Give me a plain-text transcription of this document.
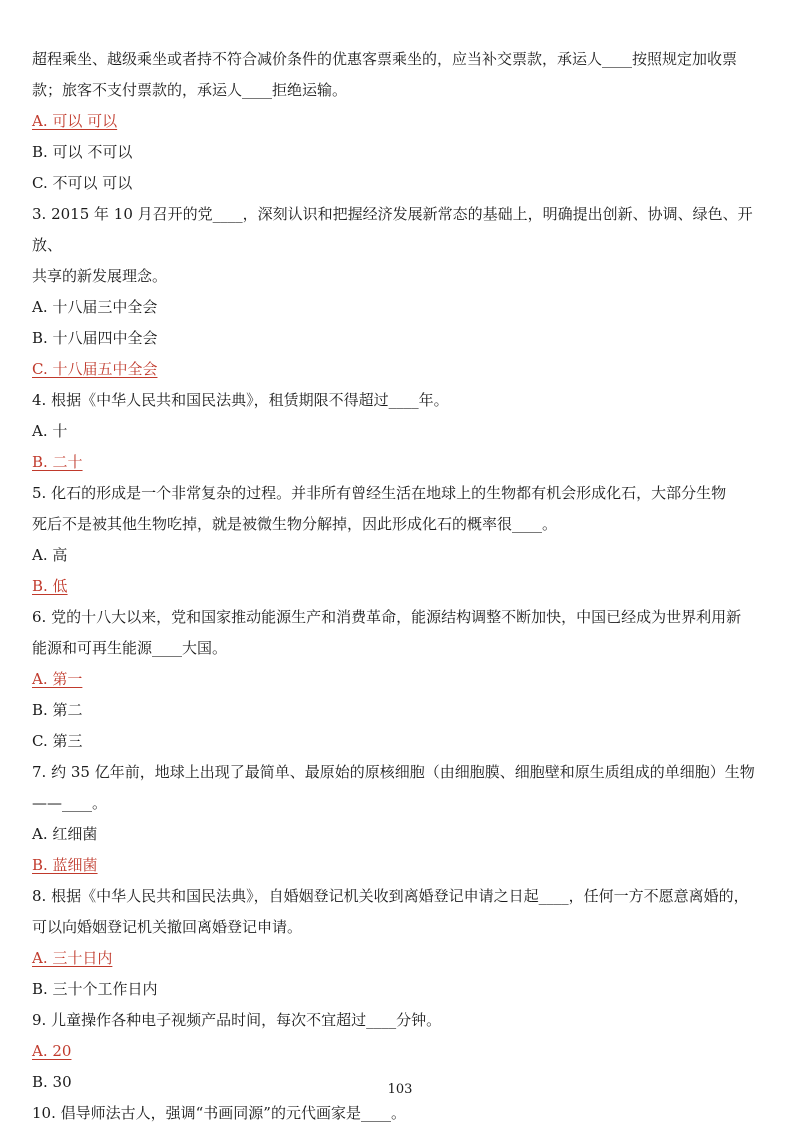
超程乘坐、越级乘坐或者持不符合减价条件的优惠客票乘坐的，应当补交票款，承运人____按照规定加收票
款；旅客不支付票款的，承运人____拒绝运输。
A. 可以 可以
B. 可以 不可以
C. 不可以 可以
3. 2015 年 10 月召开的党____，深刻认识和把握经济发展新常态的基础上，明确提出创新、协调、绿色、开放、
共享的新发展理念。
A. 十八届三中全会
B. 十八届四中全会
C. 十八届五中全会
4. 根据《中华人民共和国民法典》，租赁期限不得超过____年。
A. 十
B. 二十
5. 化石的形成是一个非常复杂的过程。并非所有曾经生活在地球上的生物都有机会形成化石，大部分生物
死后不是被其他生物吃掉，就是被微生物分解掉，因此形成化石的概率很____。
A. 高
B. 低
6. 党的十八大以来，党和国家推动能源生产和消费革命，能源结构调整不断加快，中国已经成为世界利用新
能源和可再生能源____大国。
A. 第一
B. 第二
C. 第三
7. 约 35 亿年前，地球上出现了最简单、最原始的原核细胞（由细胞膜、细胞壁和原生质组成的单细胞）生物
——____。
A. 红细菌
B. 蓝细菌
8. 根据《中华人民共和国民法典》，自婚姻登记机关收到离婚登记申请之日起____，任何一方不愿意离婚的，
可以向婚姻登记机关撤回离婚登记申请。
A. 三十日内
B. 三十个工作日内
9. 儿童操作各种电子视频产品时间，每次不宜超过____分钟。
A. 20
B. 30
10. 倡导师法古人，强调“书画同源”的元代画家是____。
103
